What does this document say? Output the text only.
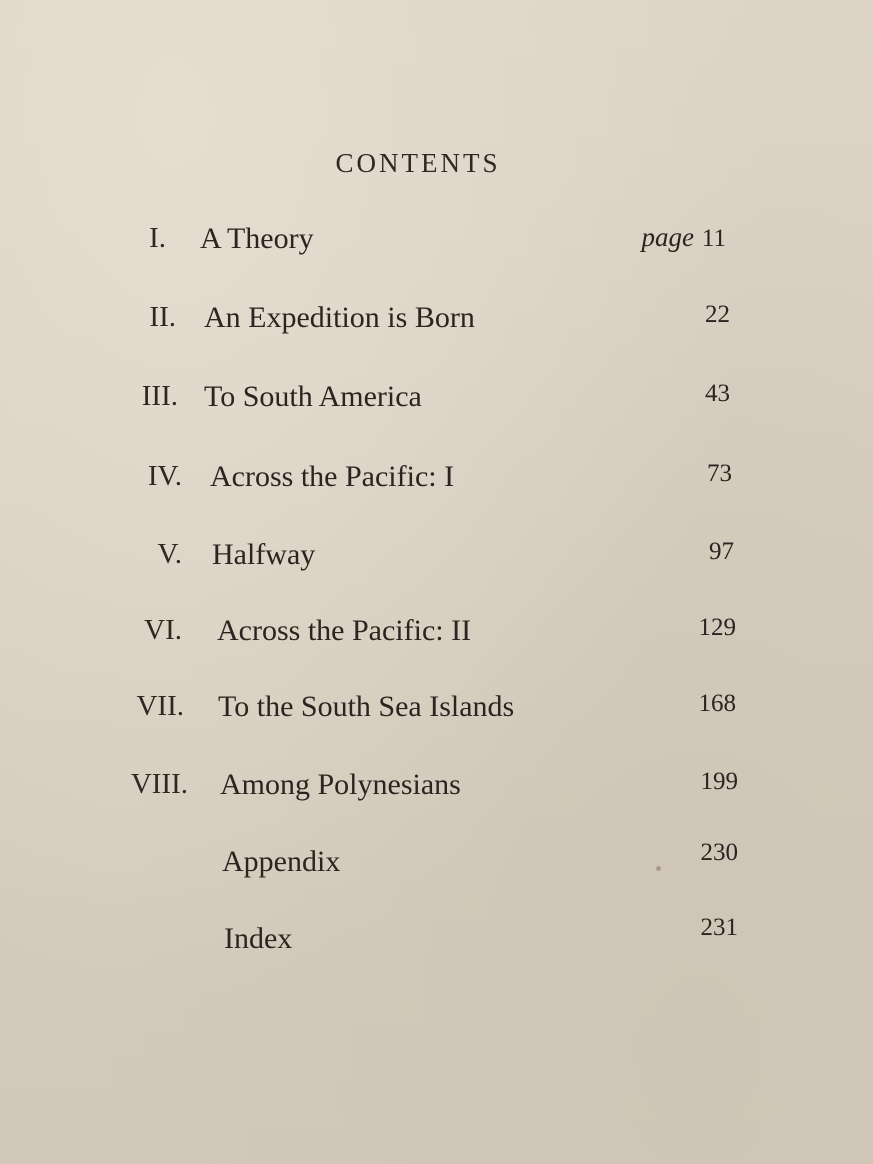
CONTENTS
I. A Theory	page 11
II. An Expedition is Born	22
III. To South America	43
IV. Across the Pacific: I	73
V. Halfway	97
VI. Across the Pacific: II	129
VII. To the South Sea Islands	168
VIII. Among Polynesians	199
Appendix	230
Index	231
